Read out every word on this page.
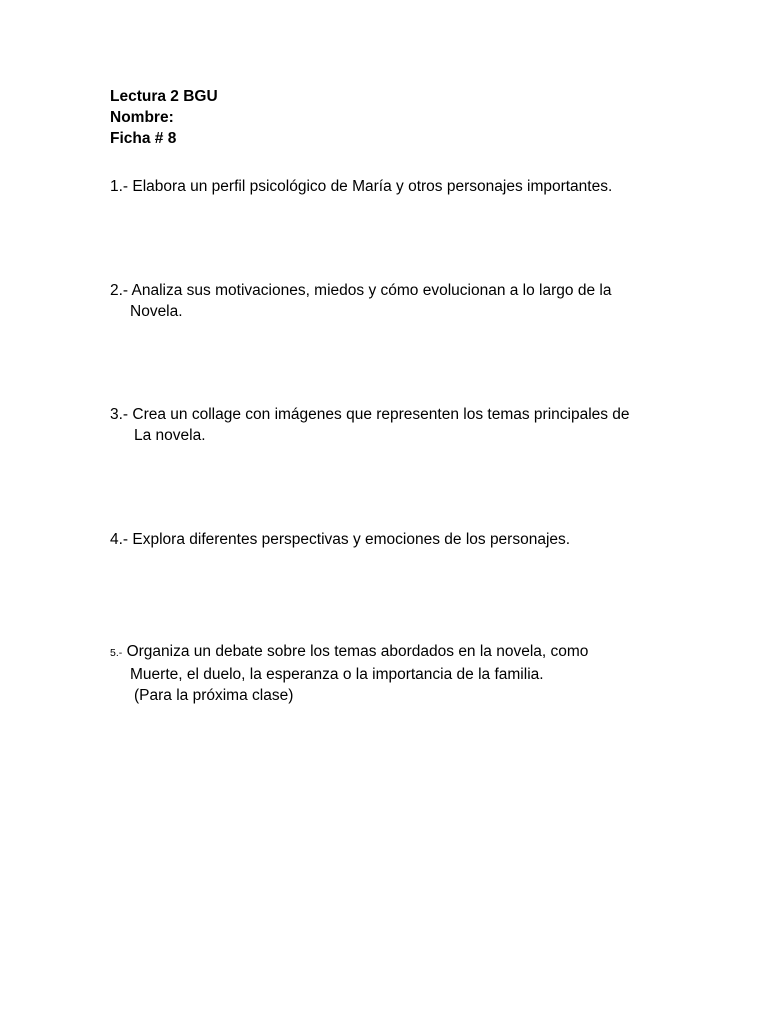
Lectura 2 BGU
Nombre:
Ficha # 8
1.- Elabora un perfil psicológico de María y otros personajes importantes.
2.- Analiza sus motivaciones, miedos y cómo evolucionan a lo largo de la
Novela.
3.- Crea un collage con imágenes que representen los temas principales de
La novela.
4.- Explora diferentes perspectivas y emociones de los personajes.
5.- Organiza un debate sobre los temas abordados en la novela, como
Muerte, el duelo, la esperanza o la importancia de la familia.
(Para la próxima clase)
